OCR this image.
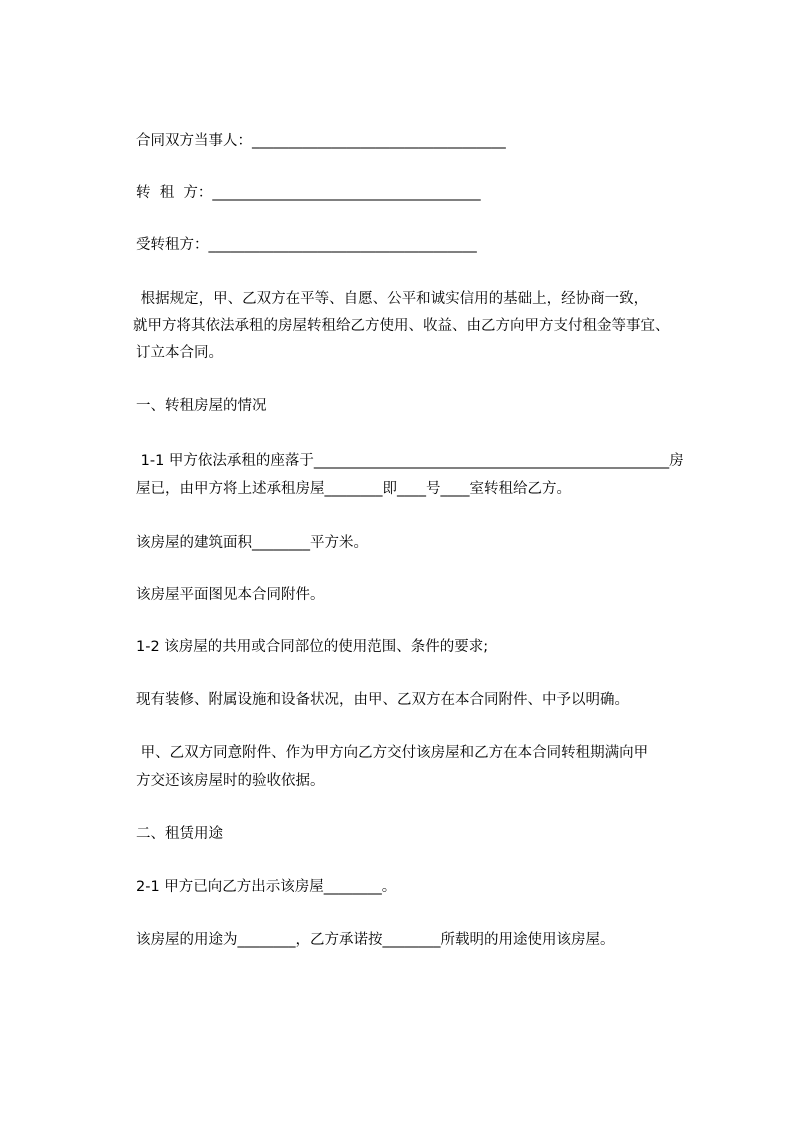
合同双方当事人：___________________________________
转  租  方：_____________________________________
受转租方：_____________________________________
根据规定，甲、乙双方在平等、自愿、公平和诚实信用的基础上，经协商一致，
就甲方将其依法承租的房屋转租给乙方使用、收益、由乙方向甲方支付租金等事宜、
订立本合同。
一、转租房屋的情况
1-1 甲方依法承租的座落于_________________________________________________房
屋已，由甲方将上述承租房屋________即____号____室转租给乙方。
该房屋的建筑面积________平方米。
该房屋平面图见本合同附件。
1-2 该房屋的共用或合同部位的使用范围、条件的要求;
现有装修、附属设施和设备状况，由甲、乙双方在本合同附件、中予以明确。
甲、乙双方同意附件、作为甲方向乙方交付该房屋和乙方在本合同转租期满向甲
方交还该房屋时的验收依据。
二、租赁用途
2-1 甲方已向乙方出示该房屋________。
该房屋的用途为________，乙方承诺按________所载明的用途使用该房屋。
